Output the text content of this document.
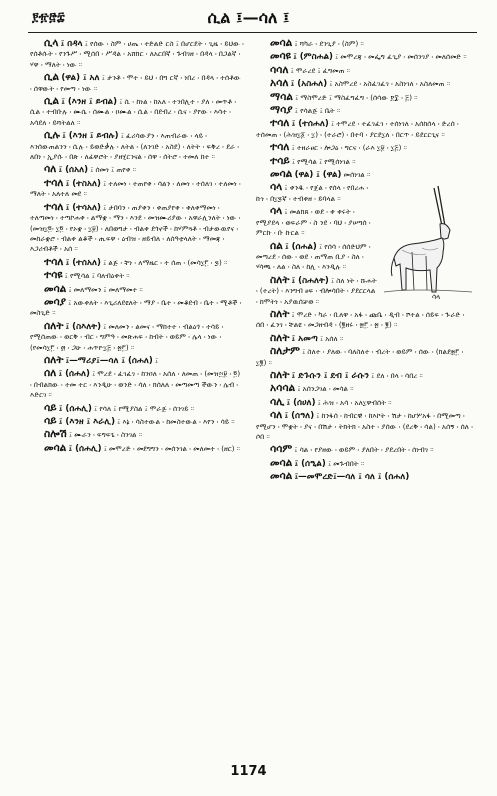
፻፹፸፰	ሲል ፤—ሳለ ፤

ሲላ ፤ በዳላ ፤ የሰው ፡ ስም ፡ ሀጤ ፡ ተድልድ ርስ ፤ በሆርደት ፡ ጊዜ ፡ ይህው ፡ የሰቶሱት ፡ የንጉሥ ፡ ሚሰበ ፡ ሥዳል ፡ አሸክር ፡ ለአርበኛ ፡ ጉብገዘ ፡ በዳላ ፡ በጋልኛ ፡ ሃዋ ፡ ማለት ፡ ነው ።

ሲል (ዋል) ፤ አለ ፤ ታንቶ ፡ ሞተ ፡ ይህ ፡ በግ ርኛ ፡ ነበረ ፡ በዳላ ፡ ተሰቶው ፡ ሰዋውት ፡ የመጣ ፡ ነው ።

ሲል ፤ (እንዘ ፤ ይብል) ፤ ሲ ፡ ከነል ፡ ከአለ ፡ ተንበሊተ ፡ ያለ ፡ መጥቶ ፡ ሲል ፡ ተብቡሉ ፡ ሙሴ ፡ ሰሙል ፡ ዐሙል ፡ ሲል ፡ በደብረ ፡ ሲና ፡ ያየው ፡ እሳተ ፡ አሳደለ ፡ ይሻትልለ ።

ሲሉ ፤ (እንዘ ፤ ይብሉ) ፤ ፈሪሳውያን ፡ እጠብራው ፡ ላይ ፡ እንሰውጠልንን ፡ ሲሉ ፡ ይወድቃሉ ፡ ለትል ፡ (ለንገድ ፡ አስደ) ፡ ለትት ፡ ፍቅረ ፡ ደራ ፡ ለበነ ፡ ኢያሱ ፡ በጽ ፡ ለፊዋሮት ፡ ያዘሂርንናል ፡ ሰዋ ፡ ሰትሮ ፡ ተመለ ከተ ።

ሳለ ፤ (ሰአለ) ፤ ሰመነ ፤ ጠየቀ ።

ተሳለ ፤ (ተስአለ) ፤ ተለመነ ፡ ተጠየቀ ፡ ሳልን ፡ ለመነ ፡ ተሰለገ ፡ ተለመነ ፡ ማለት ፡ አለተለ መደ ።

ተሳለ ፤ (ተሳአለ) ፤ ታበባን ፡ ጠያቀን ፡ ቀጠያየቀ ፡ ቀለቀማመነ ፡ ተለጣመነ ፡ ተጣኮሐቀ ፡ ልማቋ ፡ ማን ፡ እንደ ፡ መዝሙሪያው ፡ አዋራሊንለት ፡ ነው ፡ (መዝ፲፬፡ ፲፬ ፡ የኦቋ ፡ ፲፱) ፡ ለበወግታ ፡ ብልቀ ደጎኖች ፡ ከሃምጓቶ ፡ ብታውዉየና ፡ መከራቋሮ ፡ ብልቀ ልቆች ፡ ጢፍዋ ፡ ዕብዝ ፡ ዘይብለ ፡ ለሰዓቲላለት ፡ ማመጃ ፡ እጋሪብቶች ፡ አሰ ።

ተሳለ ፤ (ተሰአለ) ፤ ልጅ ፡ ቸነ ፡ ለማዜር ፡ ተ ሰጠ ፡ (መሳ፲፫ ፡ ፯) ።

ተሳዩ ፤ የሚሳል ፤ ባለብዕቀት ።

መሳል ፤ መለማመን ፤ መለማመተ ።

መሳያ ፤ አውቀለት ፡ እጊሪለደዩለት ፡ ማያ ፡ ቤተ ፡ መቆደብ ፡ ቤተ ፡ ሚቶች ፡ መስጊድ ።

ሰለት ፤ (ስእለት) ፤ መለመን ፡ ልመና ፡ ማከተተ ፡ ብልዕጎ ፡ ተሳይ ፡ የሚሰጠው ፡ ወርቅ ፡ ብር ፡ ግምዓ ፡ መጽሐፍ ፡ ከብት ፡ ወይም ፡ ሌላ ፡ ነው ፡ (የመሳ፲፫ ፡ ፴ ፡ ጋሁ ፡ ሐጥዮ፲፭ ፡ ፳፫) ።

ሰለት ፤—ማሪያ፤—ሳለ ፤ (ሰሐለ) ፤

ሰለ ፤ (ሰሐለ) ፤ ሞረደ ፡ ፈገፈገ ፡ ከንዐለ ፡ አሰለ ፡ ለመጠ ፡ (መዝ፵፱ ፡ ፬) ፡ በብልክው ፡ ተመ ተር ፡ እንዲሁ ፡ ወንድ ፡ ሳለ ፡ ክሰለለ ፡ መጣመጣ ችውን ፡ ሌብ ፡ እድርገ ።

ሳይ ፤ (ሰሐሊ) ፤ የሳለ ፤ የሚያስል ፤ ሞራጅ ፡ ሰንገይ ።

ሳይ ፤ (እንዘ ፤ እራሊ) ፤ እኔ ፡ ሳስተውል ፡ ከመስተውል ፡ እየን ፡ ሳይ ።

ስሎሽ ፤ ሙራን ፡ ፍግፍጌ ፡ ስንገል ።

መሳል ፤ (ሰሐሊ) ፤ መሞረድ ፡ መደግግን ፡ መሰንገል ፡ መለመተ ፡ (ዘር) ።

መሳል ፤ ሻካራ ፡ ደንጊያ ፡ (ስም) ።

መሳዩ ፤ (ምስሐል) ፤ መሞረጃ ፡ መፌግ ፈጊያ ፡ መሰንገያ ፡ መለሰመድ ።

ሳሳለ ፤ ሞራረደ ፤ ፈግመጠ ።

አሳለ ፤ (አስሐለ) ፤ አስሞረደ ፡ አስፈገፈገ ፡ አስነገለ ፡ አስለመጠ ።

ማሳል ፤ ማስሞረድ ፤ ማስፈግፈግ ፡ (ሰሳው ፻፰ ፡ ፭) ።

ማሳያ ፤ የሳልጅ ፤ ቤት ።

ተሳለ ፤ (ተሰሐለ) ፤ ተሞረደ ፡ ተፈገፈገ ፡ ተሰነገለ ፡ አሰከሰላ ፡ ድረሰ ፡ ተሰመጠ ፡ (ሕዝ፲፩ ፡ ፲) ፡ (ተራሮ) ፡ በተባ ፡ ያርደ፲ለ ፡ በርጥ ፡ ይደርርጊና ።

ተሳለ ፤ ተዘራፀር ፡ ሎጋዕ ፡ ግርና ፡ (ራእ ፲፱ ፡ ፲፭) ።

ተሳይ ፤ የሚሳል ፤ የሚሰነገል ።

መሳል (ዋል) ፤ (ዋል) መሰነገል ።

ሳላ

ሳላ ፤ ቀንዱ ፡ የጀል ፡ የሰላ ፡ የበረሐ ፡ ኩነ ፡ በ፲፯ኛ ፡ ተብቀዘ ፡ ይባላል ።

ሳላ ፤ መልክጸ ፡ ወደ ፡ ቀ ቀሩት ፡ የሚያደላ ፡ ወፍራም ፡ ስ ንደ ፡ ባህ ፡ ያሠግሰ ፡ ምርኩ ፡ ቡ ኩርል ።

ሰል ፤ (ሰሐል) ፤ የሰሳ ፡ ሰሰድህም ፡ መጣረደ ፡ ሰው ፡ ወደ ፡ ጠማጠ ቢያ ፡ ስለ ፡ ሃሳጫ ፡ ለል ፡ ስለ ፡ ከሊ ፡ እንዲሉ ።

ስለት ፤ (ስሐለት) ፤ ስለ ነት ፡ ሹሐት ፡ (ተረት) ፡ እንግብ ፀፍ ፡ ብሎሳበት ፡ ያደርርላል ፡ ከሞትነ ፡ አያዉሰቻወ ።

ስለት ፤ ሞረድ ፡ ካራ ፡ ቢለዋ ፡ አፋ ፡ ጩቤ ፡ ዲብ ፡ ሾተል ፡ ሰይፍ ፡ ጕራድ ፡ ሰበ ፡ ፈንገ ፡ ቸልዩ ፡ መጋዘብዳ ፡ (፪ዘሩ ፡ ፳፫ ፡ ፳ ፡ ፪) ።

ስለት ፤ አመጣ ፤ አሰለ ።

ስለታም ፤ ስለተ ፡ ያለው ፡ ባለስለተ ፡ ብረት ፡ ወይም ፡ ሰው ፡ (ክልደ፳፫ ፡ ፲፪) ።

ስለት ፤ ድጉሱን ፤ ደብ ፤ ራሱን ፤ ደለ ፡ በላ ፡ ሳበረ ።

አሳሳል ፤ አሰንጋገል ፡ መሳል ።

ሳሊ ፤ (ሰሀለ) ፤ ሕዝ ፡ አሳ ፡ አለ፲ዋብሰት ።

ሳለ ፤ (ሰዓለ) ፤ ከንፋሰ ፡ ከብርዊ ፡ ከእኮት ፡ ሽታ ፡ ከሆሦአፋ ፡ በሚመጣ ፡ የሚሆን ፡ ሞቋት ፡ ያና ፡ በሽታ ፡ ትክትክ ፡ አስተ ፡ ያሰው ፡ (ደረቅ ፡ ሳል) ፡ አሰኝ ፡ ሰለ ፡ ሶበ ።

ሳሳም ፤ ሳል ፡ የያዘው ፡ ወይም ፡ ያለበት ፡ ያደረበት ፡ ሰነብገ ።

መሳል ፤ (ሰዒል) ፤ መጉብበት ።

መሳል ፤—መሞረድ፤—ሳለ ፤ ሳለ ፤ (ሰሐለ)

1174
